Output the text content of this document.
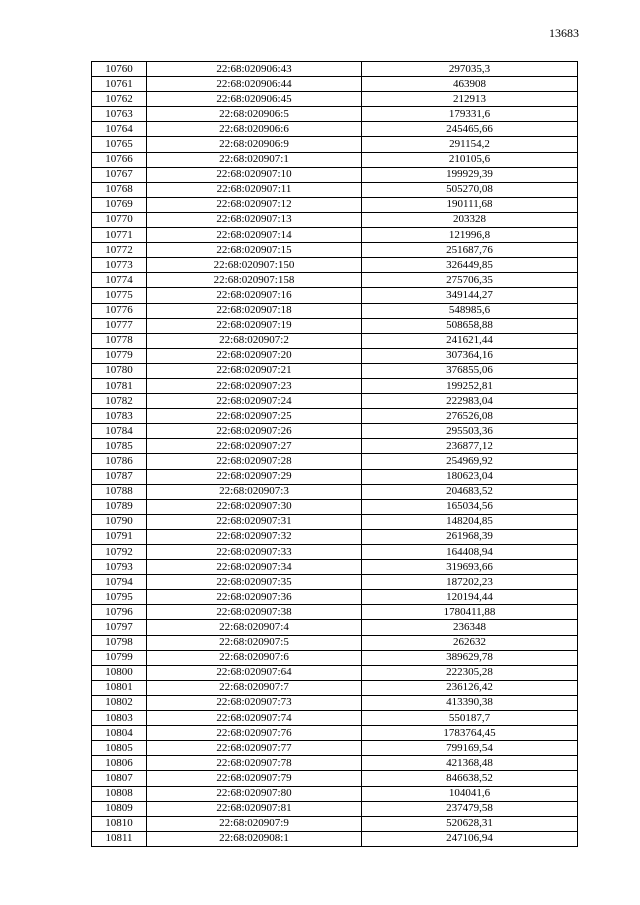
13683
10760	22:68:020906:43	297035,3
10761	22:68:020906:44	463908
10762	22:68:020906:45	212913
10763	22:68:020906:5	179331,6
10764	22:68:020906:6	245465,66
10765	22:68:020906:9	291154,2
10766	22:68:020907:1	210105,6
10767	22:68:020907:10	199929,39
10768	22:68:020907:11	505270,08
10769	22:68:020907:12	190111,68
10770	22:68:020907:13	203328
10771	22:68:020907:14	121996,8
10772	22:68:020907:15	251687,76
10773	22:68:020907:150	326449,85
10774	22:68:020907:158	275706,35
10775	22:68:020907:16	349144,27
10776	22:68:020907:18	548985,6
10777	22:68:020907:19	508658,88
10778	22:68:020907:2	241621,44
10779	22:68:020907:20	307364,16
10780	22:68:020907:21	376855,06
10781	22:68:020907:23	199252,81
10782	22:68:020907:24	222983,04
10783	22:68:020907:25	276526,08
10784	22:68:020907:26	295503,36
10785	22:68:020907:27	236877,12
10786	22:68:020907:28	254969,92
10787	22:68:020907:29	180623,04
10788	22:68:020907:3	204683,52
10789	22:68:020907:30	165034,56
10790	22:68:020907:31	148204,85
10791	22:68:020907:32	261968,39
10792	22:68:020907:33	164408,94
10793	22:68:020907:34	319693,66
10794	22:68:020907:35	187202,23
10795	22:68:020907:36	120194,44
10796	22:68:020907:38	1780411,88
10797	22:68:020907:4	236348
10798	22:68:020907:5	262632
10799	22:68:020907:6	389629,78
10800	22:68:020907:64	222305,28
10801	22:68:020907:7	236126,42
10802	22:68:020907:73	413390,38
10803	22:68:020907:74	550187,7
10804	22:68:020907:76	1783764,45
10805	22:68:020907:77	799169,54
10806	22:68:020907:78	421368,48
10807	22:68:020907:79	846638,52
10808	22:68:020907:80	104041,6
10809	22:68:020907:81	237479,58
10810	22:68:020907:9	520628,31
10811	22:68:020908:1	247106,94
